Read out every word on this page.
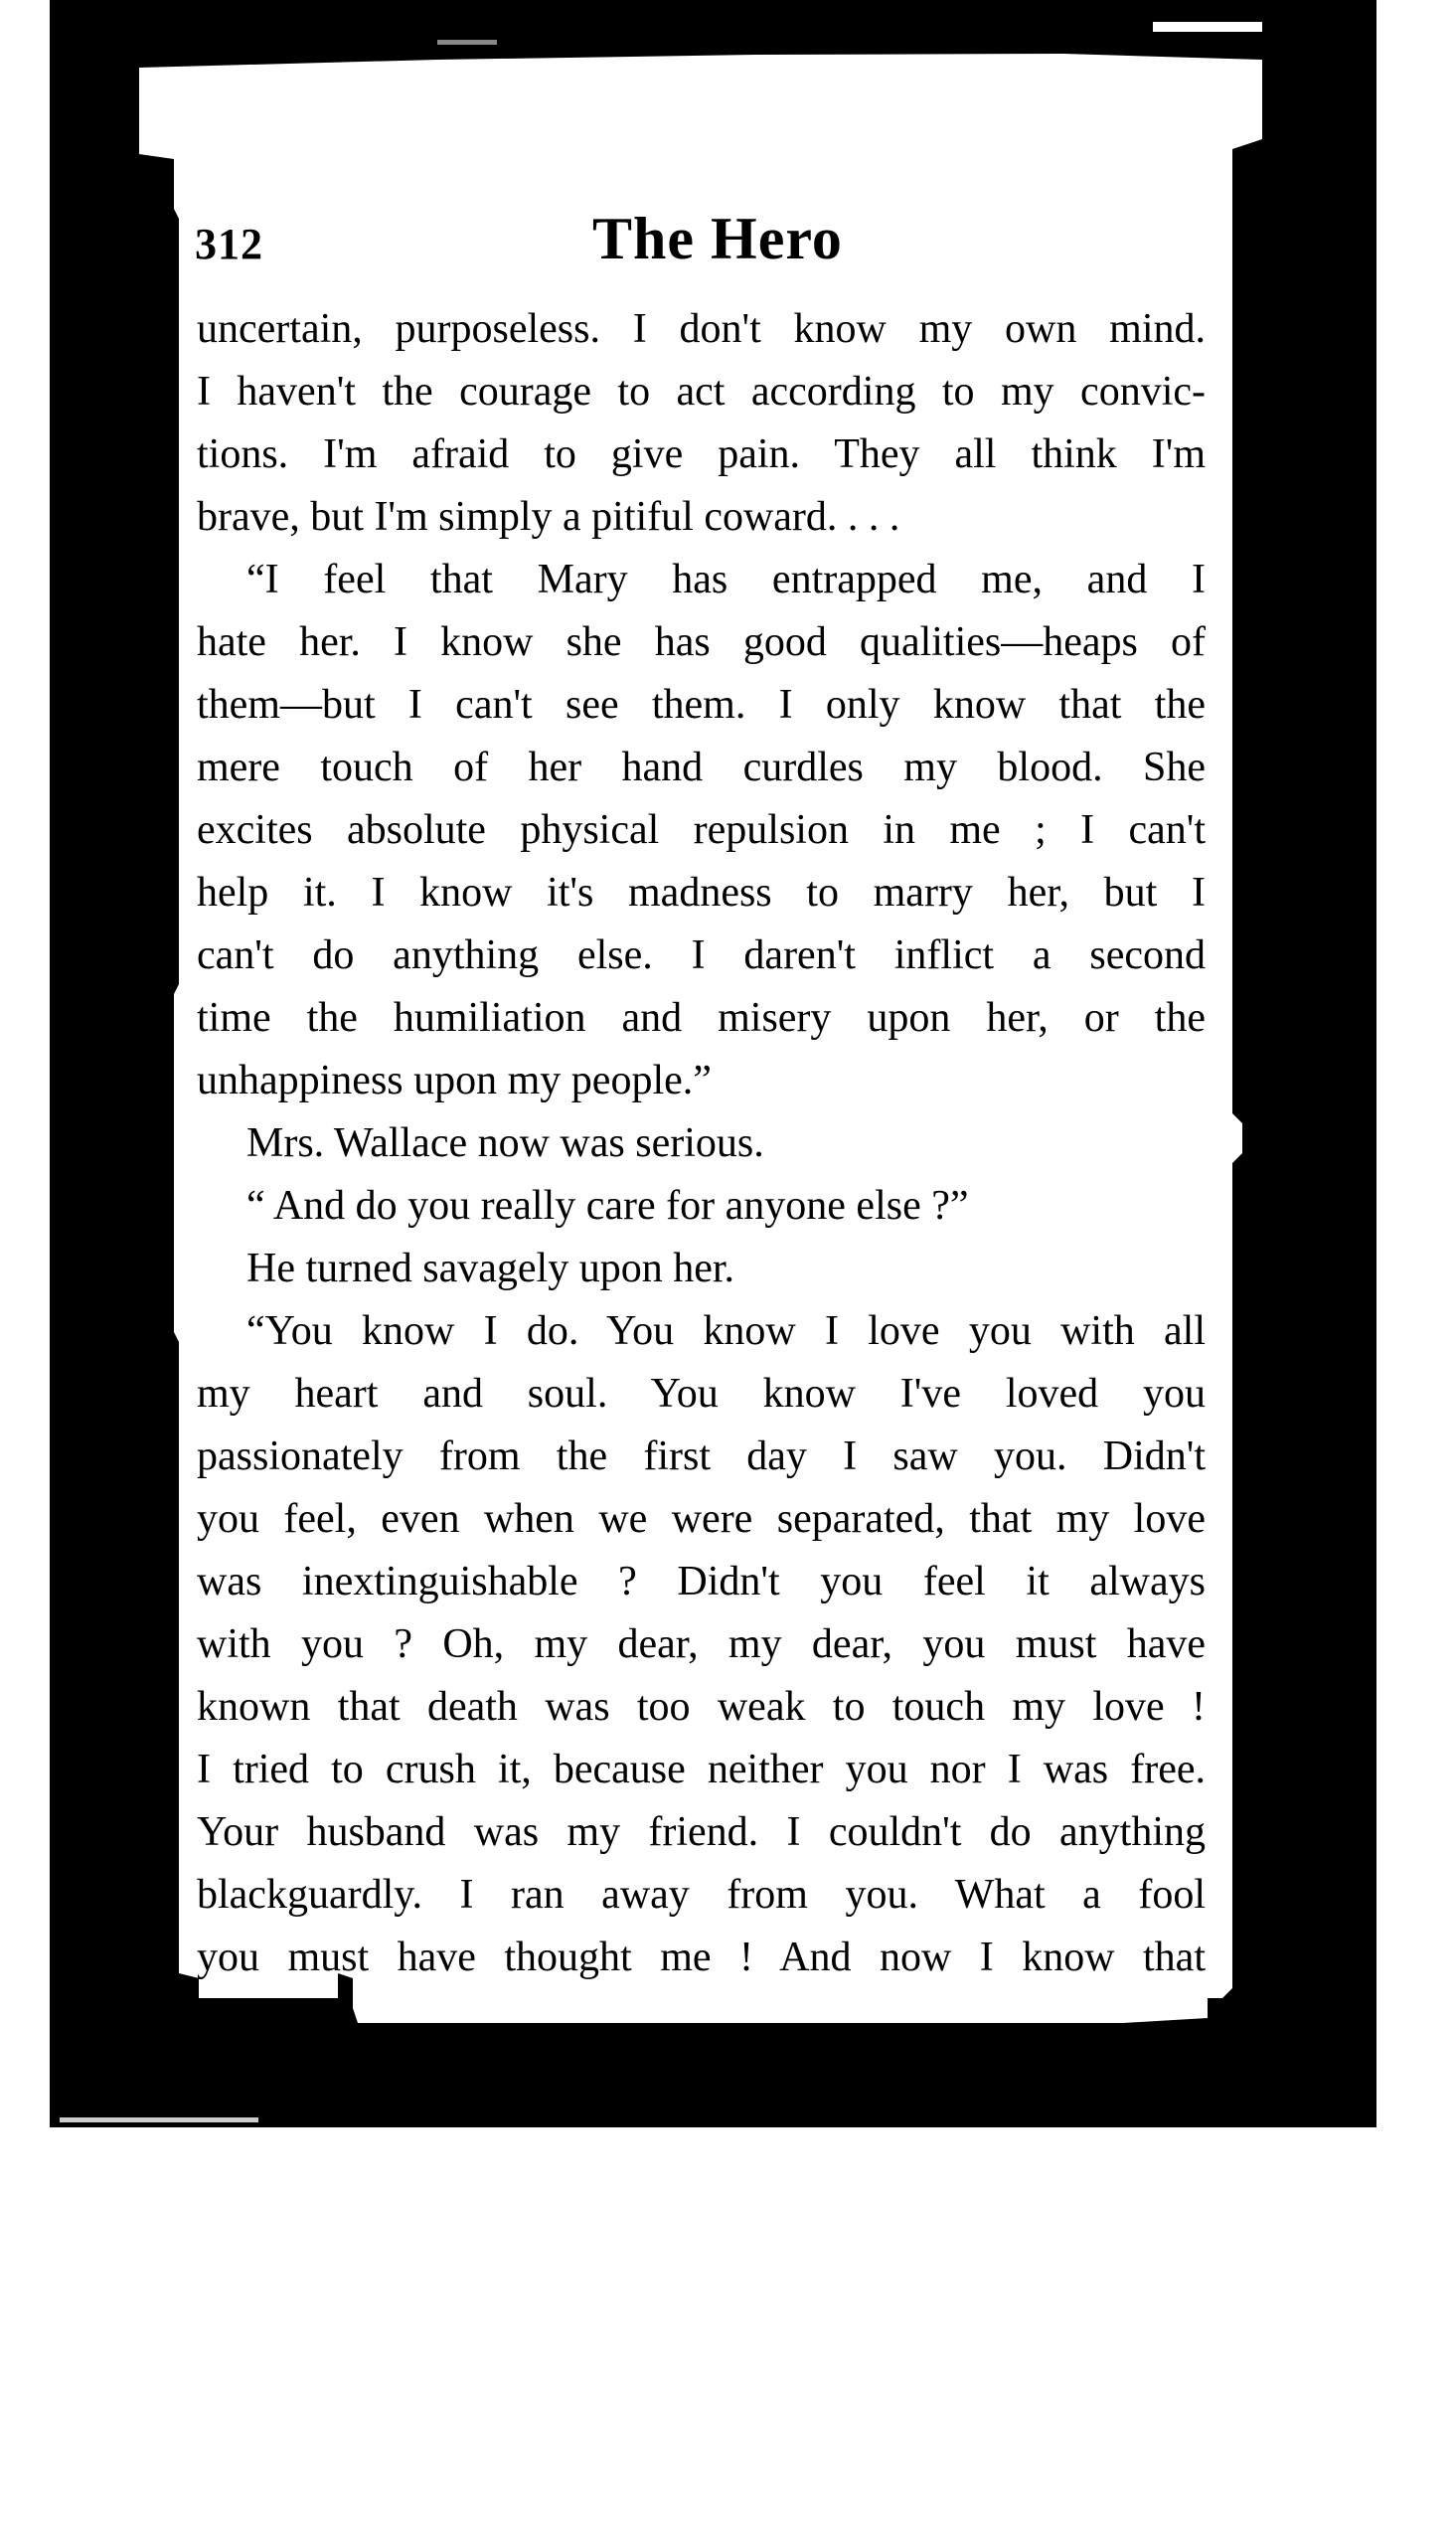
312	The Hero
uncertain, purposeless. I don't know my own mind.
I haven't the courage to act according to my convic-
tions. I'm afraid to give pain. They all think I'm
brave, but I'm simply a pitiful coward. . . .
“I feel that Mary has entrapped me, and I
hate her. I know she has good qualities—heaps of
them—but I can't see them. I only know that the
mere touch of her hand curdles my blood. She
excites absolute physical repulsion in me ; I can't
help it. I know it's madness to marry her, but I
can't do anything else. I daren't inflict a second
time the humiliation and misery upon her, or the
unhappiness upon my people.”
Mrs. Wallace now was serious.
“ And do you really care for anyone else ?”
He turned savagely upon her.
“You know I do. You know I love you with all
my heart and soul. You know I've loved you
passionately from the first day I saw you. Didn't
you feel, even when we were separated, that my love
was inextinguishable ? Didn't you feel it always
with you ? Oh, my dear, my dear, you must have
known that death was too weak to touch my love !
I tried to crush it, because neither you nor I was free.
Your husband was my friend. I couldn't do anything
blackguardly. I ran away from you. What a fool
you must have thought me ! And now I know that
